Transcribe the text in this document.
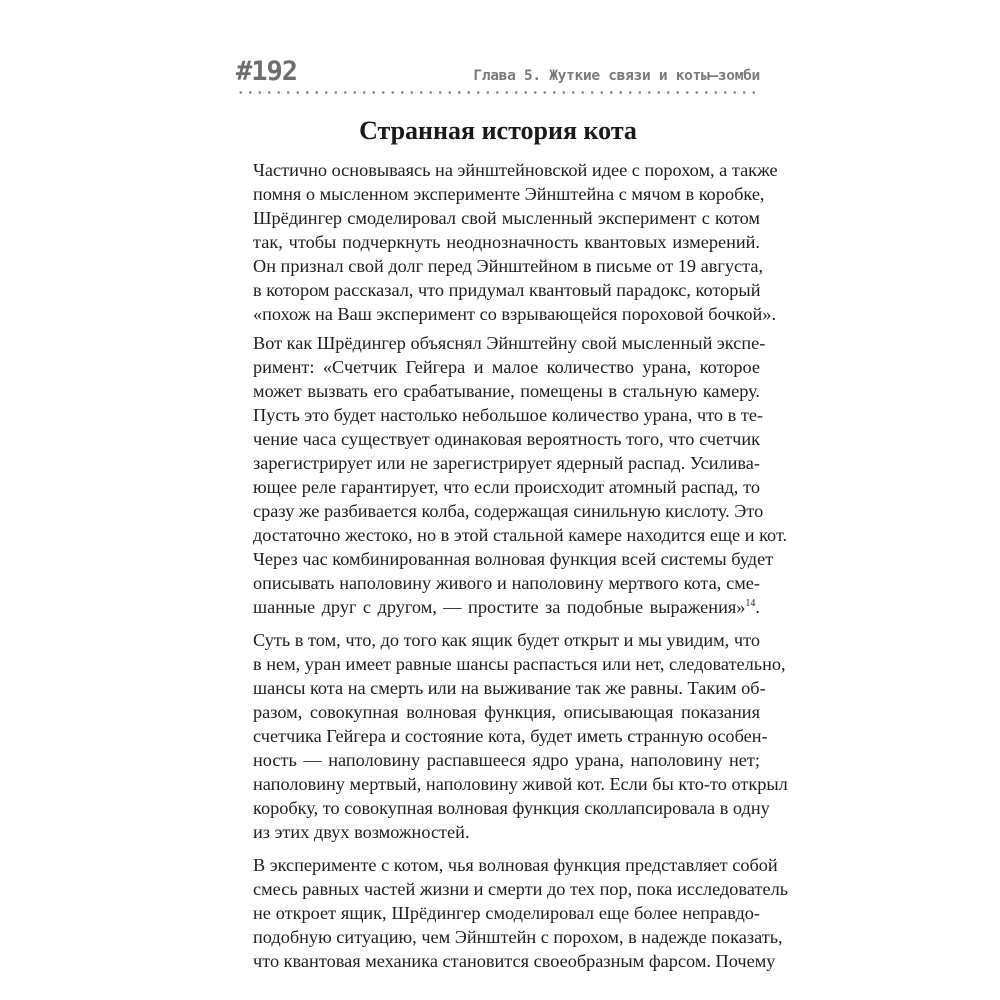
#192	Глава 5. Жуткие связи и коты–зомби
Странная история кота
Частично основываясь на эйнштейновской идее с порохом, а также
помня о мысленном эксперименте Эйнштейна с мячом в коробке,
Шрёдингер смоделировал свой мысленный эксперимент с котом
так, чтобы подчеркнуть неоднозначность квантовых измерений.
Он признал свой долг перед Эйнштейном в письме от 19 августа,
в котором рассказал, что придумал квантовый парадокс, который
«похож на Ваш эксперимент со взрывающейся пороховой бочкой».
Вот как Шрёдингер объяснял Эйнштейну свой мысленный экспе-
римент: «Счетчик Гейгера и малое количество урана, которое
может вызвать его срабатывание, помещены в стальную камеру.
Пусть это будет настолько небольшое количество урана, что в те-
чение часа существует одинаковая вероятность того, что счетчик
зарегистрирует или не зарегистрирует ядерный распад. Усилива-
ющее реле гарантирует, что если происходит атомный распад, то
сразу же разбивается колба, содержащая синильную кислоту. Это
достаточно жестоко, но в этой стальной камере находится еще и кот.
Через час комбинированная волновая функция всей системы будет
описывать наполовину живого и наполовину мертвого кота, сме-
шанные друг с другом, — простите за подобные выражения»$^{14}$.
Суть в том, что, до того как ящик будет открыт и мы увидим, что
в нем, уран имеет равные шансы распасться или нет, следовательно,
шансы кота на смерть или на выживание так же равны. Таким об-
разом, совокупная волновая функция, описывающая показания
счетчика Гейгера и состояние кота, будет иметь странную особен-
ность — наполовину распавшееся ядро урана, наполовину нет;
наполовину мертвый, наполовину живой кот. Если бы кто-то открыл
коробку, то совокупная волновая функция сколлапсировала в одну
из этих двух возможностей.
В эксперименте с котом, чья волновая функция представляет собой
смесь равных частей жизни и смерти до тех пор, пока исследователь
не откроет ящик, Шрёдингер смоделировал еще более неправдо-
подобную ситуацию, чем Эйнштейн с порохом, в надежде показать,
что квантовая механика становится своеобразным фарсом. Почему
